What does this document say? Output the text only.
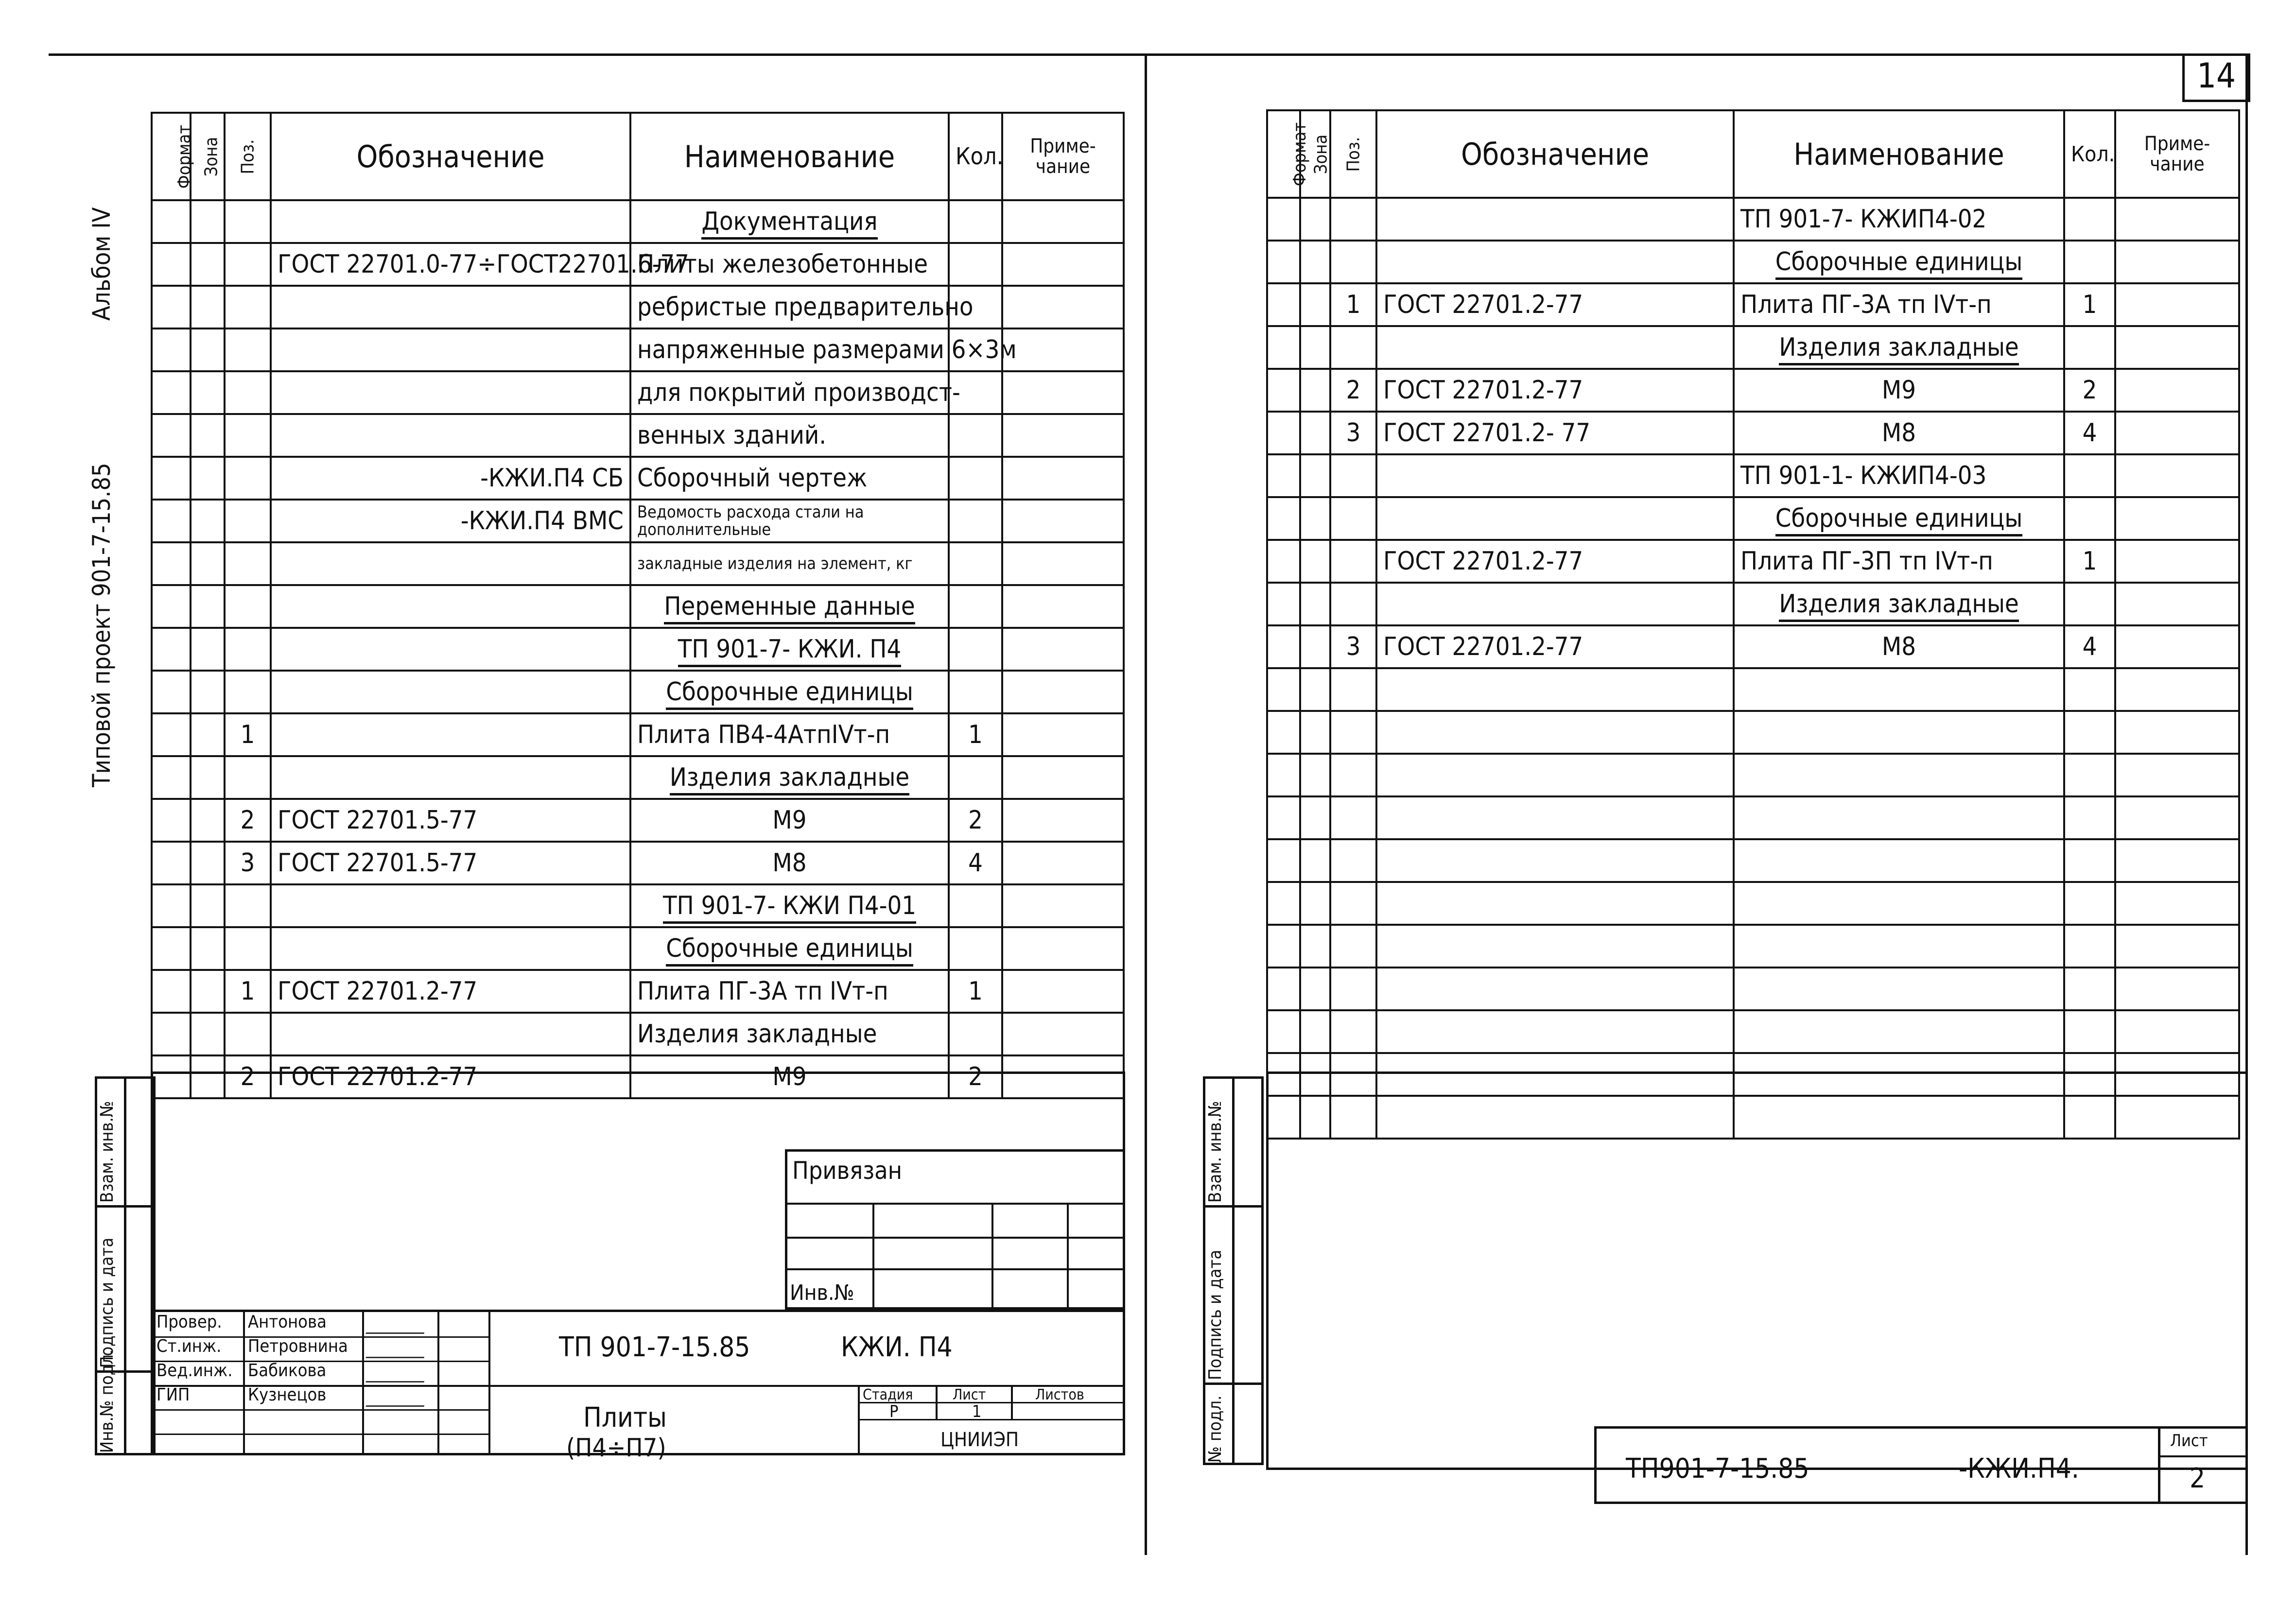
14
Альбом IV
Типовой проект 901-7-15.85
Взам. инв.№
Подпись и дата
Инв.№ подл.
Формат	Зона	Поз.	Обозначение	Наименование	Кол.	Приме- чание
				Документация		
			ГОСТ 22701.0-77÷ГОСТ22701.6-77	Плиты железобетонные		
				ребристые предварительно		
				напряженные размерами 6×3м		
				для покрытий производст-		
				венных зданий.		
			-КЖИ.П4 СБ	Сборочный чертеж		
			-КЖИ.П4 ВМС	Ведомость расхода стали на дополнительные		
				закладные изделия на элемент, кг		
				Переменные данные		
				ТП 901-7- КЖИ. П4		
				Сборочные единицы		
		1		Плита ПВ4-4АтпIVт-п	1	
				Изделия закладные		
		2	ГОСТ 22701.5-77	М9	2	
		3	ГОСТ 22701.5-77	М8	4	
				ТП 901-7- КЖИ П4-01		
				Сборочные единицы		
		1	ГОСТ 22701.2-77	Плита ПГ-3А тп IVт-п	1	
				Изделия закладные		
		2	ГОСТ 22701.2-77	М9	2	
Привязан
Инв.№
Провер. Антонова
Ст.инж. Петровнина
Вед.инж. Бабикова
ГИП	Кузнецов
ТП 901-7-15.85	КЖИ. П4
Плиты
(П4÷П7)
Стадия	Лист	Листов
Р	1
ЦНИИЭП
Взам. инв.№
Подпись и дата
№ подл.
Формат	Зона	Поз.	Обозначение	Наименование	Кол.	Приме- чание
				ТП 901-7- КЖИП4-02		
				Сборочные единицы		
		1	ГОСТ 22701.2-77	Плита ПГ-3А тп IVт-п	1	
				Изделия закладные		
		2	ГОСТ 22701.2-77	М9	2	
		3	ГОСТ 22701.2- 77	М8	4	
				ТП 901-1- КЖИП4-03		
				Сборочные единицы		
			ГОСТ 22701.2-77	Плита ПГ-3П тп IVт-п	1	
				Изделия закладные		
		3	ГОСТ 22701.2-77	М8	4	

ТП901-7-15.85	-КЖИ.П4.
Лист
2
